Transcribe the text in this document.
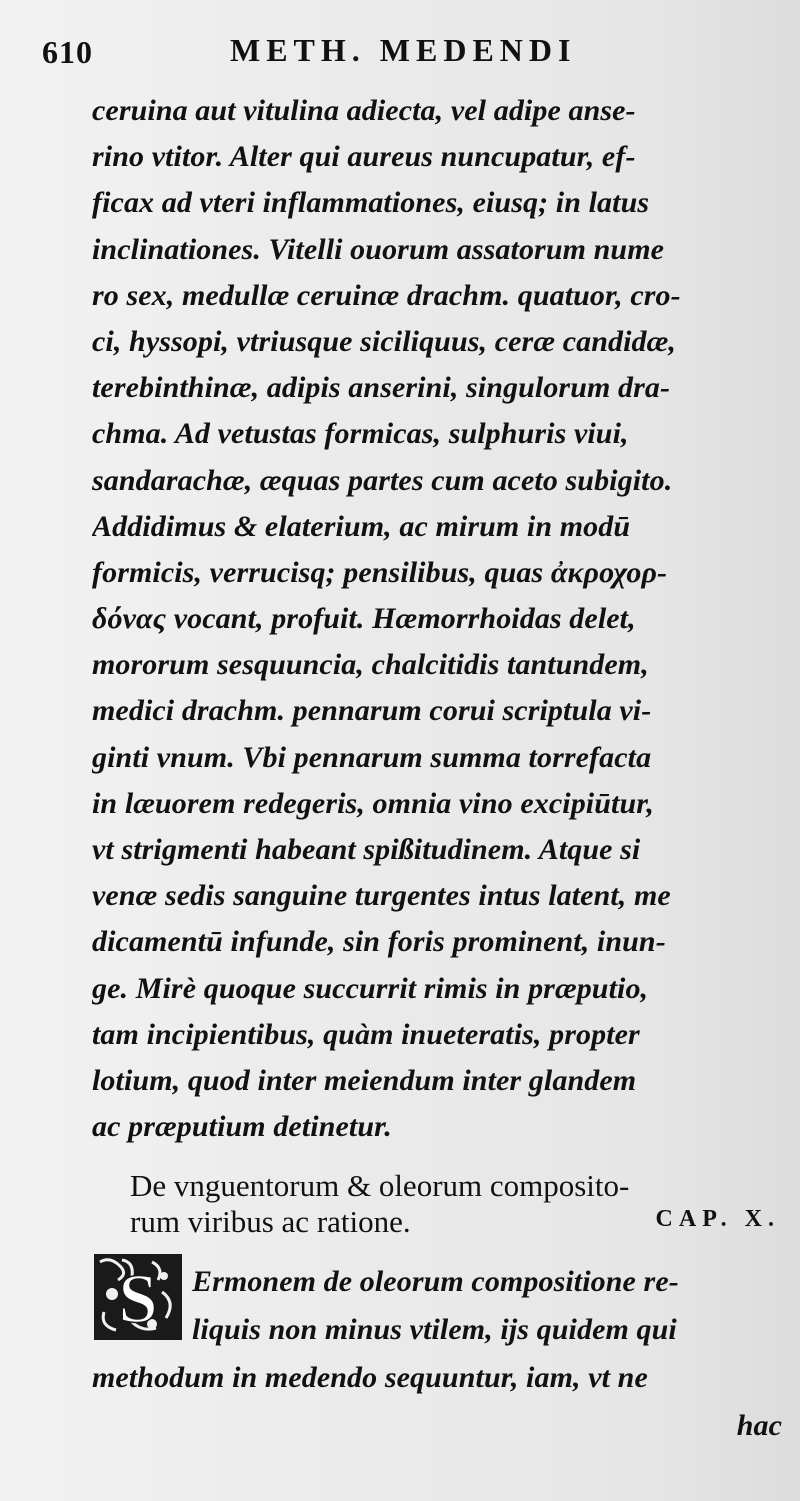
610	METH. MEDENDI
ceruina aut vitulina adiecta, vel adipe anse-
rino vtitor. Alter qui aureus nuncupatur, ef-
ficax ad vteri inflammationes, eiusq; in latus
inclinationes. Vitelli ouorum assatorum nume
ro sex, medullæ ceruinæ drachm. quatuor, cro-
ci, hyssopi, vtriusque siciliquus, ceræ candidæ,
terebinthinæ, adipis anserini, singulorum dra-
chma. Ad vetustas formicas, sulphuris viui,
sandarachæ, æquas partes cum aceto subigito.
Addidimus & elaterium, ac mirum in modū
formicis, verrucisq; pensilibus, quas ἀκροχορ-
δόνας vocant, profuit. Hæmorrhoidas delet,
mororum sesquuncia, chalcitidis tantundem,
medici drachm. pennarum corui scriptula vi-
ginti vnum. Vbi pennarum summa torrefacta
in læuorem redegeris, omnia vino excipiūtur,
vt strigmenti habeant spißitudinem. Atque si
venæ sedis sanguine turgentes intus latent, me
dicamentū infunde, sin foris prominent, inun-
ge. Mirè quoque succurrit rimis in præputio,
tam incipientibus, quàm inueteratis, propter
lotium, quod inter meiendum inter glandem
ac præputium detinetur.
De vnguentorum & oleorum composito-
rum viribus ac ratione.	CAP. X.
S	Ermonem de oleorum compositione re-
liquis non minus vtilem, ijs quidem qui
methodum in medendo sequuntur, iam, vt ne
hac
